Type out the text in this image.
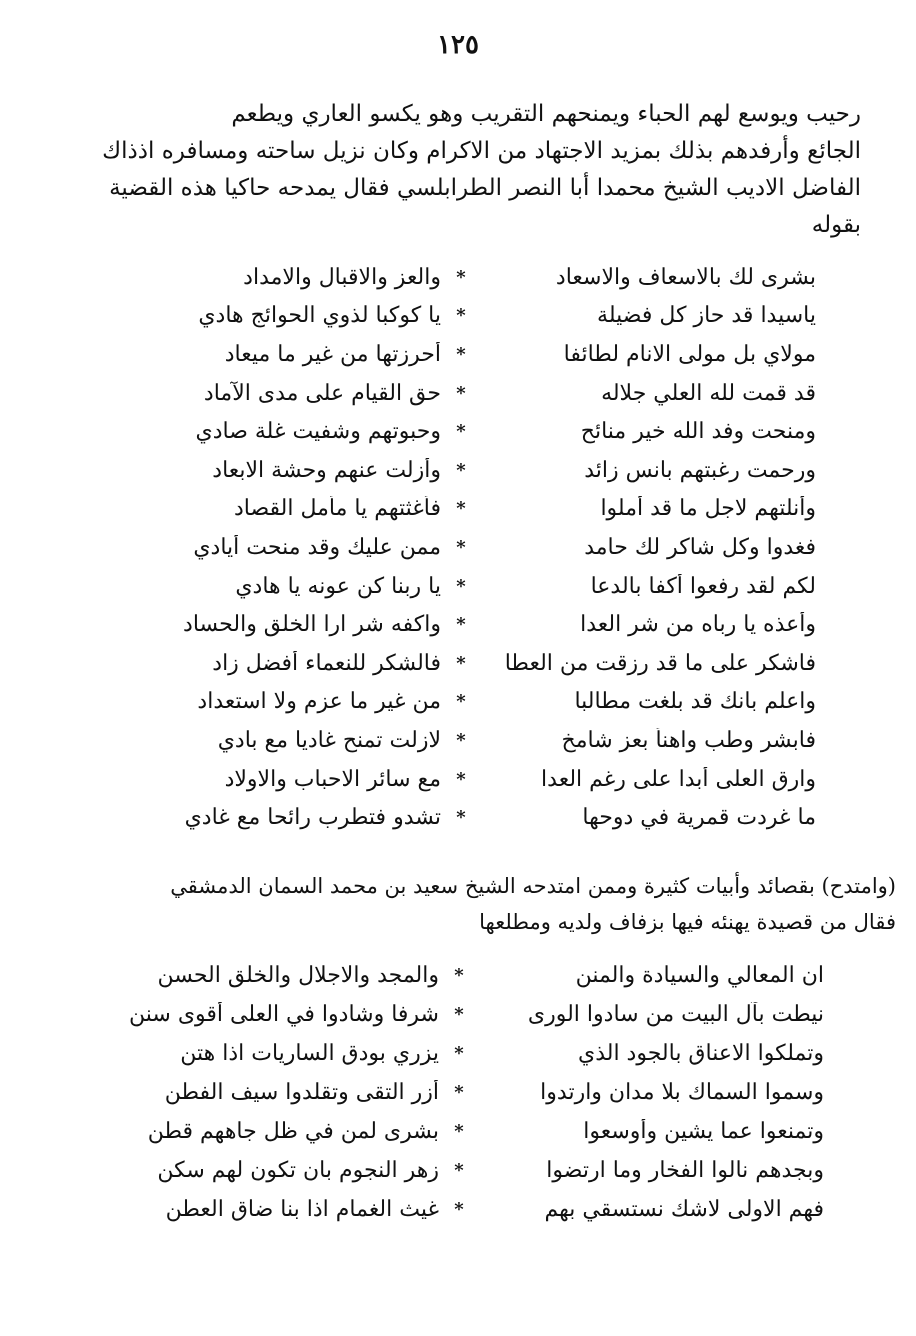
١٢٥
رحيب ويوسع لهم الحباء ويمنحهم التقريب وهو يكسو العاري ويطعم
الجائع وأرفدهم بذلك بمزيد الاجتهاد من الاكرام وكان نزيل ساحته ومسافره اذذاك
الفاضل الاديب الشيخ محمدا أبا النصر الطرابلسي فقال يمدحه حاكيا هذه القضية
بقوله
بشرى لك بالاسعاف والاسعاد
*
والعز والاقبال والامداد
ياسيدا قد حاز كل فضيلة
*
يا كوكبا لذوي الحوائج هادي
مولاي بل مولى الانام لطائفا
*
أحرزتها من غير ما ميعاد
قد قمت لله العلي جلاله
*
حق القيام على مدى الآماد
ومنحت وفد الله خير منائح
*
وحبوتهم وشفيت غلة صادي
ورحمت رغبتهم بانس زائد
*
وأزلت عنهم وحشة الابعاد
وأنلتهم لاجل ما قد أملوا
*
فأغثتهم يا مأمل القصاد
فغدوا وكل شاكر لك حامد
*
ممن عليك وقد منحت أيادي
لكم لقد رفعوا أكفا بالدعا
*
يا ربنا كن عونه يا هادي
وأعذه يا رباه من شر العدا
*
واكفه شر ارا الخلق والحساد
فاشكر على ما قد رزقت من العطا
*
فالشكر للنعماء أفضل زاد
واعلم بانك قد بلغت مطالبا
*
من غير ما عزم ولا استعداد
فابشر وطب واهنأ بعز شامخ
*
لازلت تمنح غاديا مع بادي
وارق العلى أبدا على رغم العدا
*
مع سائر الاحباب والاولاد
ما غردت قمرية في دوحها
*
تشدو فتطرب رائحا مع غادي
(وامتدح) بقصائد وأبيات كثيرة وممن امتدحه الشيخ سعيد بن محمد السمان الدمشقي
فقال من قصيدة يهنئه فيها بزفاف ولديه ومطلعها
ان المعالي والسيادة والمنن
*
والمجد والاجلال والخلق الحسن
نيطت بآل البيت من سادوا الورى
*
شرفا وشادوا في العلى أقوى سنن
وتملكوا الاعناق بالجود الذي
*
يزري بودق الساريات اذا هتن
وسموا السماك بلا مدان وارتدوا
*
أزر التقى وتقلدوا سيف الفطن
وتمنعوا عما يشين وأوسعوا
*
بشرى لمن في ظل جاههم قطن
وبجدهم نالوا الفخار وما ارتضوا
*
زهر النجوم بان تكون لهم سكن
فهم الاولى لاشك نستسقي بهم
*
غيث الغمام اذا بنا ضاق العطن
